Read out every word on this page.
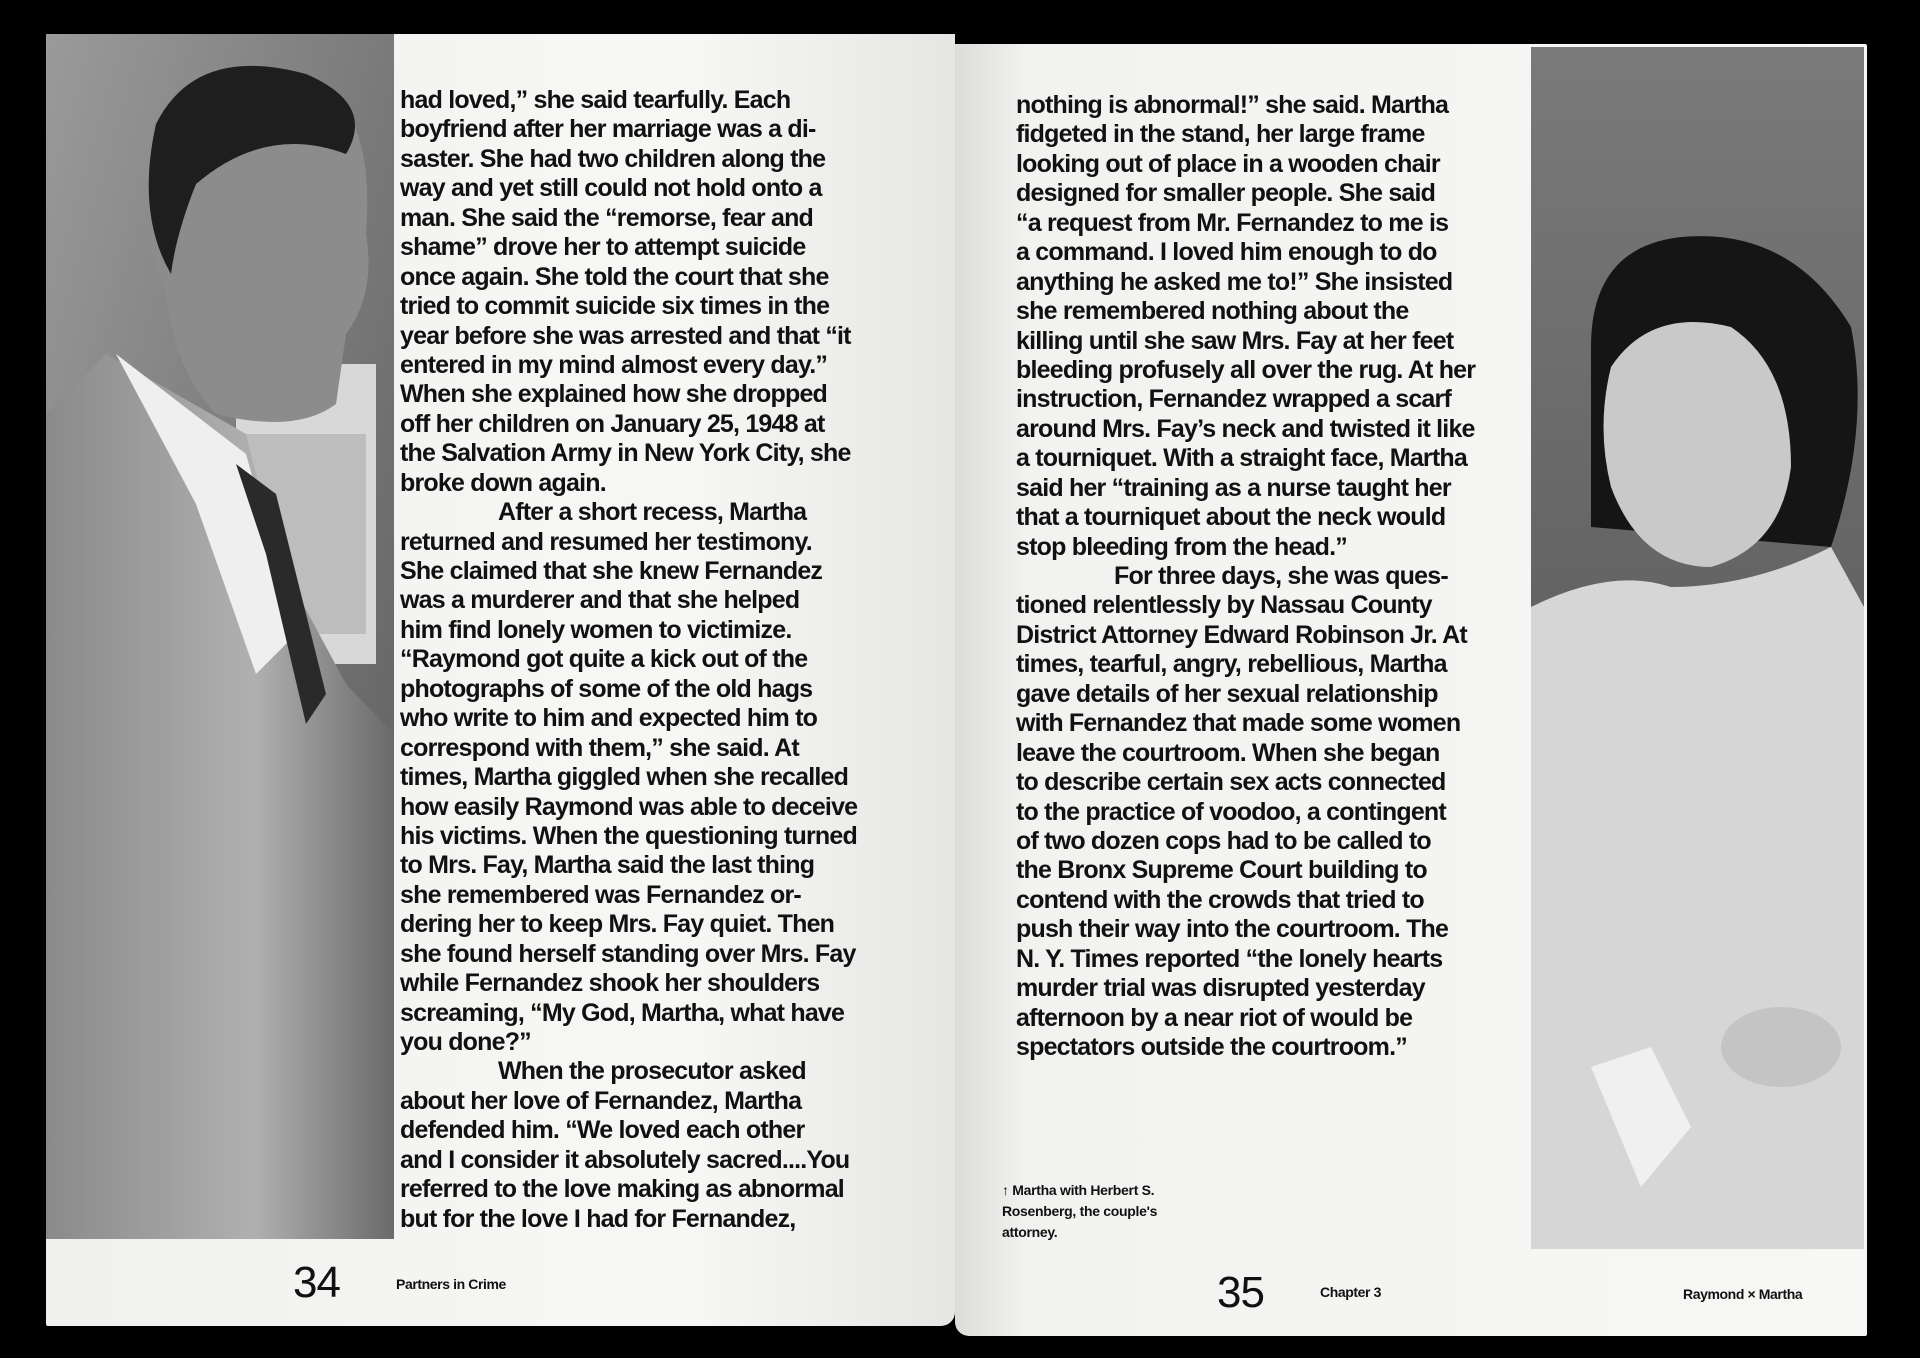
had loved,” she said tearfully. Each
boyfriend after her marriage was a di-
saster. She had two children along the
way and yet still could not hold onto a
man. She said the “remorse, fear and
shame” drove her to attempt suicide
once again. She told the court that she
tried to commit suicide six times in the
year before she was arrested and that “it
entered in my mind almost every day.”
When she explained how she dropped
off her children on January 25, 1948 at
the Salvation Army in New York City, she
broke down again.
After a short recess, Martha
returned and resumed her testimony.
She claimed that she knew Fernandez
was a murderer and that she helped
him find lonely women to victimize.
“Raymond got quite a kick out of the
photographs of some of the old hags
who write to him and expected him to
correspond with them,” she said. At
times, Martha giggled when she recalled
how easily Raymond was able to deceive
his victims. When the questioning turned
to Mrs. Fay, Martha said the last thing
she remembered was Fernandez or-
dering her to keep Mrs. Fay quiet. Then
she found herself standing over Mrs. Fay
while Fernandez shook her shoulders
screaming, “My God, Martha, what have
you done?”
When the prosecutor asked
about her love of Fernandez, Martha
defended him. “We loved each other
and I consider it absolutely sacred....You
referred to the love making as abnormal
but for the love I had for Fernandez,
nothing is abnormal!” she said. Martha
fidgeted in the stand, her large frame
looking out of place in a wooden chair
designed for smaller people. She said
“a request from Mr. Fernandez to me is
a command. I loved him enough to do
anything he asked me to!” She insisted
she remembered nothing about the
killing until she saw Mrs. Fay at her feet
bleeding profusely all over the rug. At her
instruction, Fernandez wrapped a scarf
around Mrs. Fay’s neck and twisted it like
a tourniquet. With a straight face, Martha
said her “training as a nurse taught her
that a tourniquet about the neck would
stop bleeding from the head.”
For three days, she was ques-
tioned relentlessly by Nassau County
District Attorney Edward Robinson Jr. At
times, tearful, angry, rebellious, Martha
gave details of her sexual relationship
with Fernandez that made some women
leave the courtroom. When she began
to describe certain sex acts connected
to the practice of voodoo, a contingent
of two dozen cops had to be called to
the Bronx Supreme Court building to
contend with the crowds that tried to
push their way into the courtroom. The
N. Y. Times reported “the lonely hearts
murder trial was disrupted yesterday
afternoon by a near riot of would be
spectators outside the courtroom.”
34	Partners in Crime
↑ Martha with Herbert S.
Rosenberg, the couple's
attorney.
35	Chapter 3	Raymond × Martha
